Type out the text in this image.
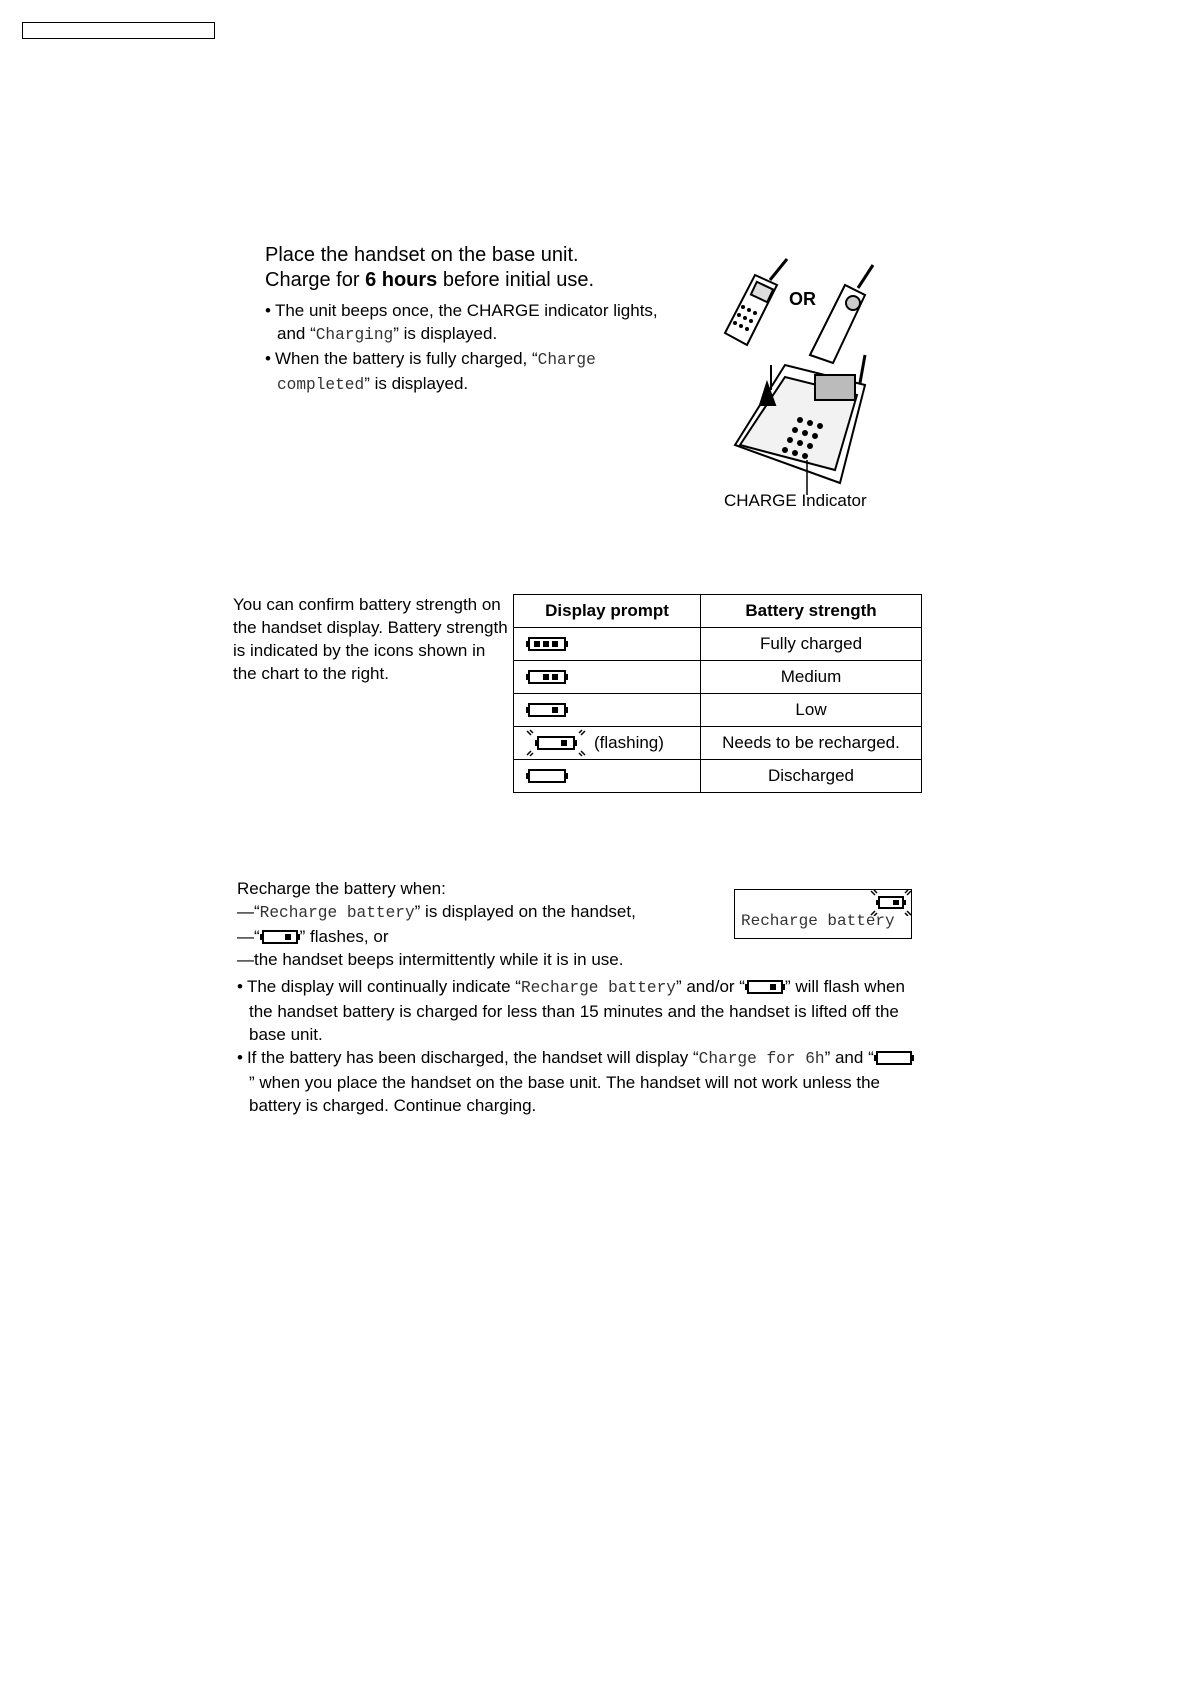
Place the handset on the base unit.
Charge for 6 hours before initial use.
• The unit beeps once, the CHARGE indicator lights, and “Charging” is displayed.
• When the battery is fully charged, “Charge completed” is displayed.
OR
CHARGE Indicator
You can confirm battery strength on the handset display. Battery strength is indicated by the icons shown in the chart to the right.
Display prompt	Battery strength

	Fully charged

	Medium

	Low

(flashing)	Needs to be recharged.

	Discharged
Recharge the battery when:
—“Recharge battery” is displayed on the handset,
—“ ” flashes, or
—the handset beeps intermittently while it is in use.
• The display will continually indicate “Recharge battery” and/or “ ” will flash when the handset battery is charged for less than 15 minutes and the handset is lifted off the base unit.
• If the battery has been discharged, the handset will display “Charge for 6h” and “” when you place the handset on the base unit. The handset will not work unless the battery is charged. Continue charging.
Recharge battery
